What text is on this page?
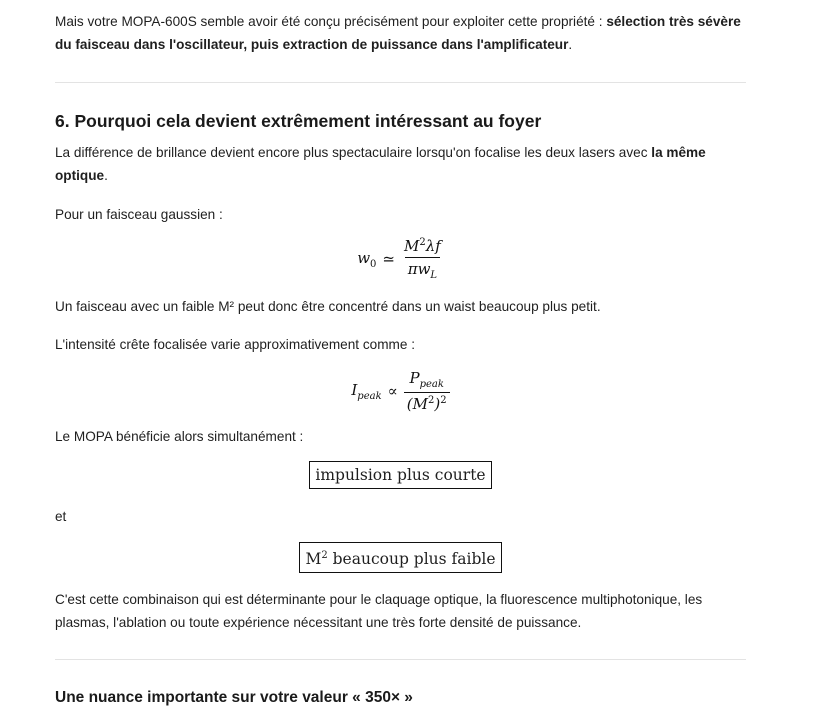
Mais votre MOPA-600S semble avoir été conçu précisément pour exploiter cette propriété : sélection très sévère du faisceau dans l'oscillateur, puis extraction de puissance dans l'amplificateur.

6. Pourquoi cela devient extrêmement intéressant au foyer

La différence de brillance devient encore plus spectaculaire lorsqu'on focalise les deux lasers avec la même optique.

Pour un faisceau gaussien :

$w_0$ ≃ $\frac{M^2\lambda f}{\pi w_L}$

Un faisceau avec un faible M² peut donc être concentré dans un waist beaucoup plus petit.

L'intensité crête focalisée varie approximativement comme :

$I_{peak} \propto \frac{P_{peak}}{(M^2)^2}$

Le MOPA bénéficie alors simultanément :

impulsion plus courte

et

$M^2$ beaucoup plus faible

C'est cette combinaison qui est déterminante pour le claquage optique, la fluorescence multiphotonique, les plasmas, l'ablation ou toute expérience nécessitant une très forte densité de puissance.

Une nuance importante sur votre valeur « 350× »
